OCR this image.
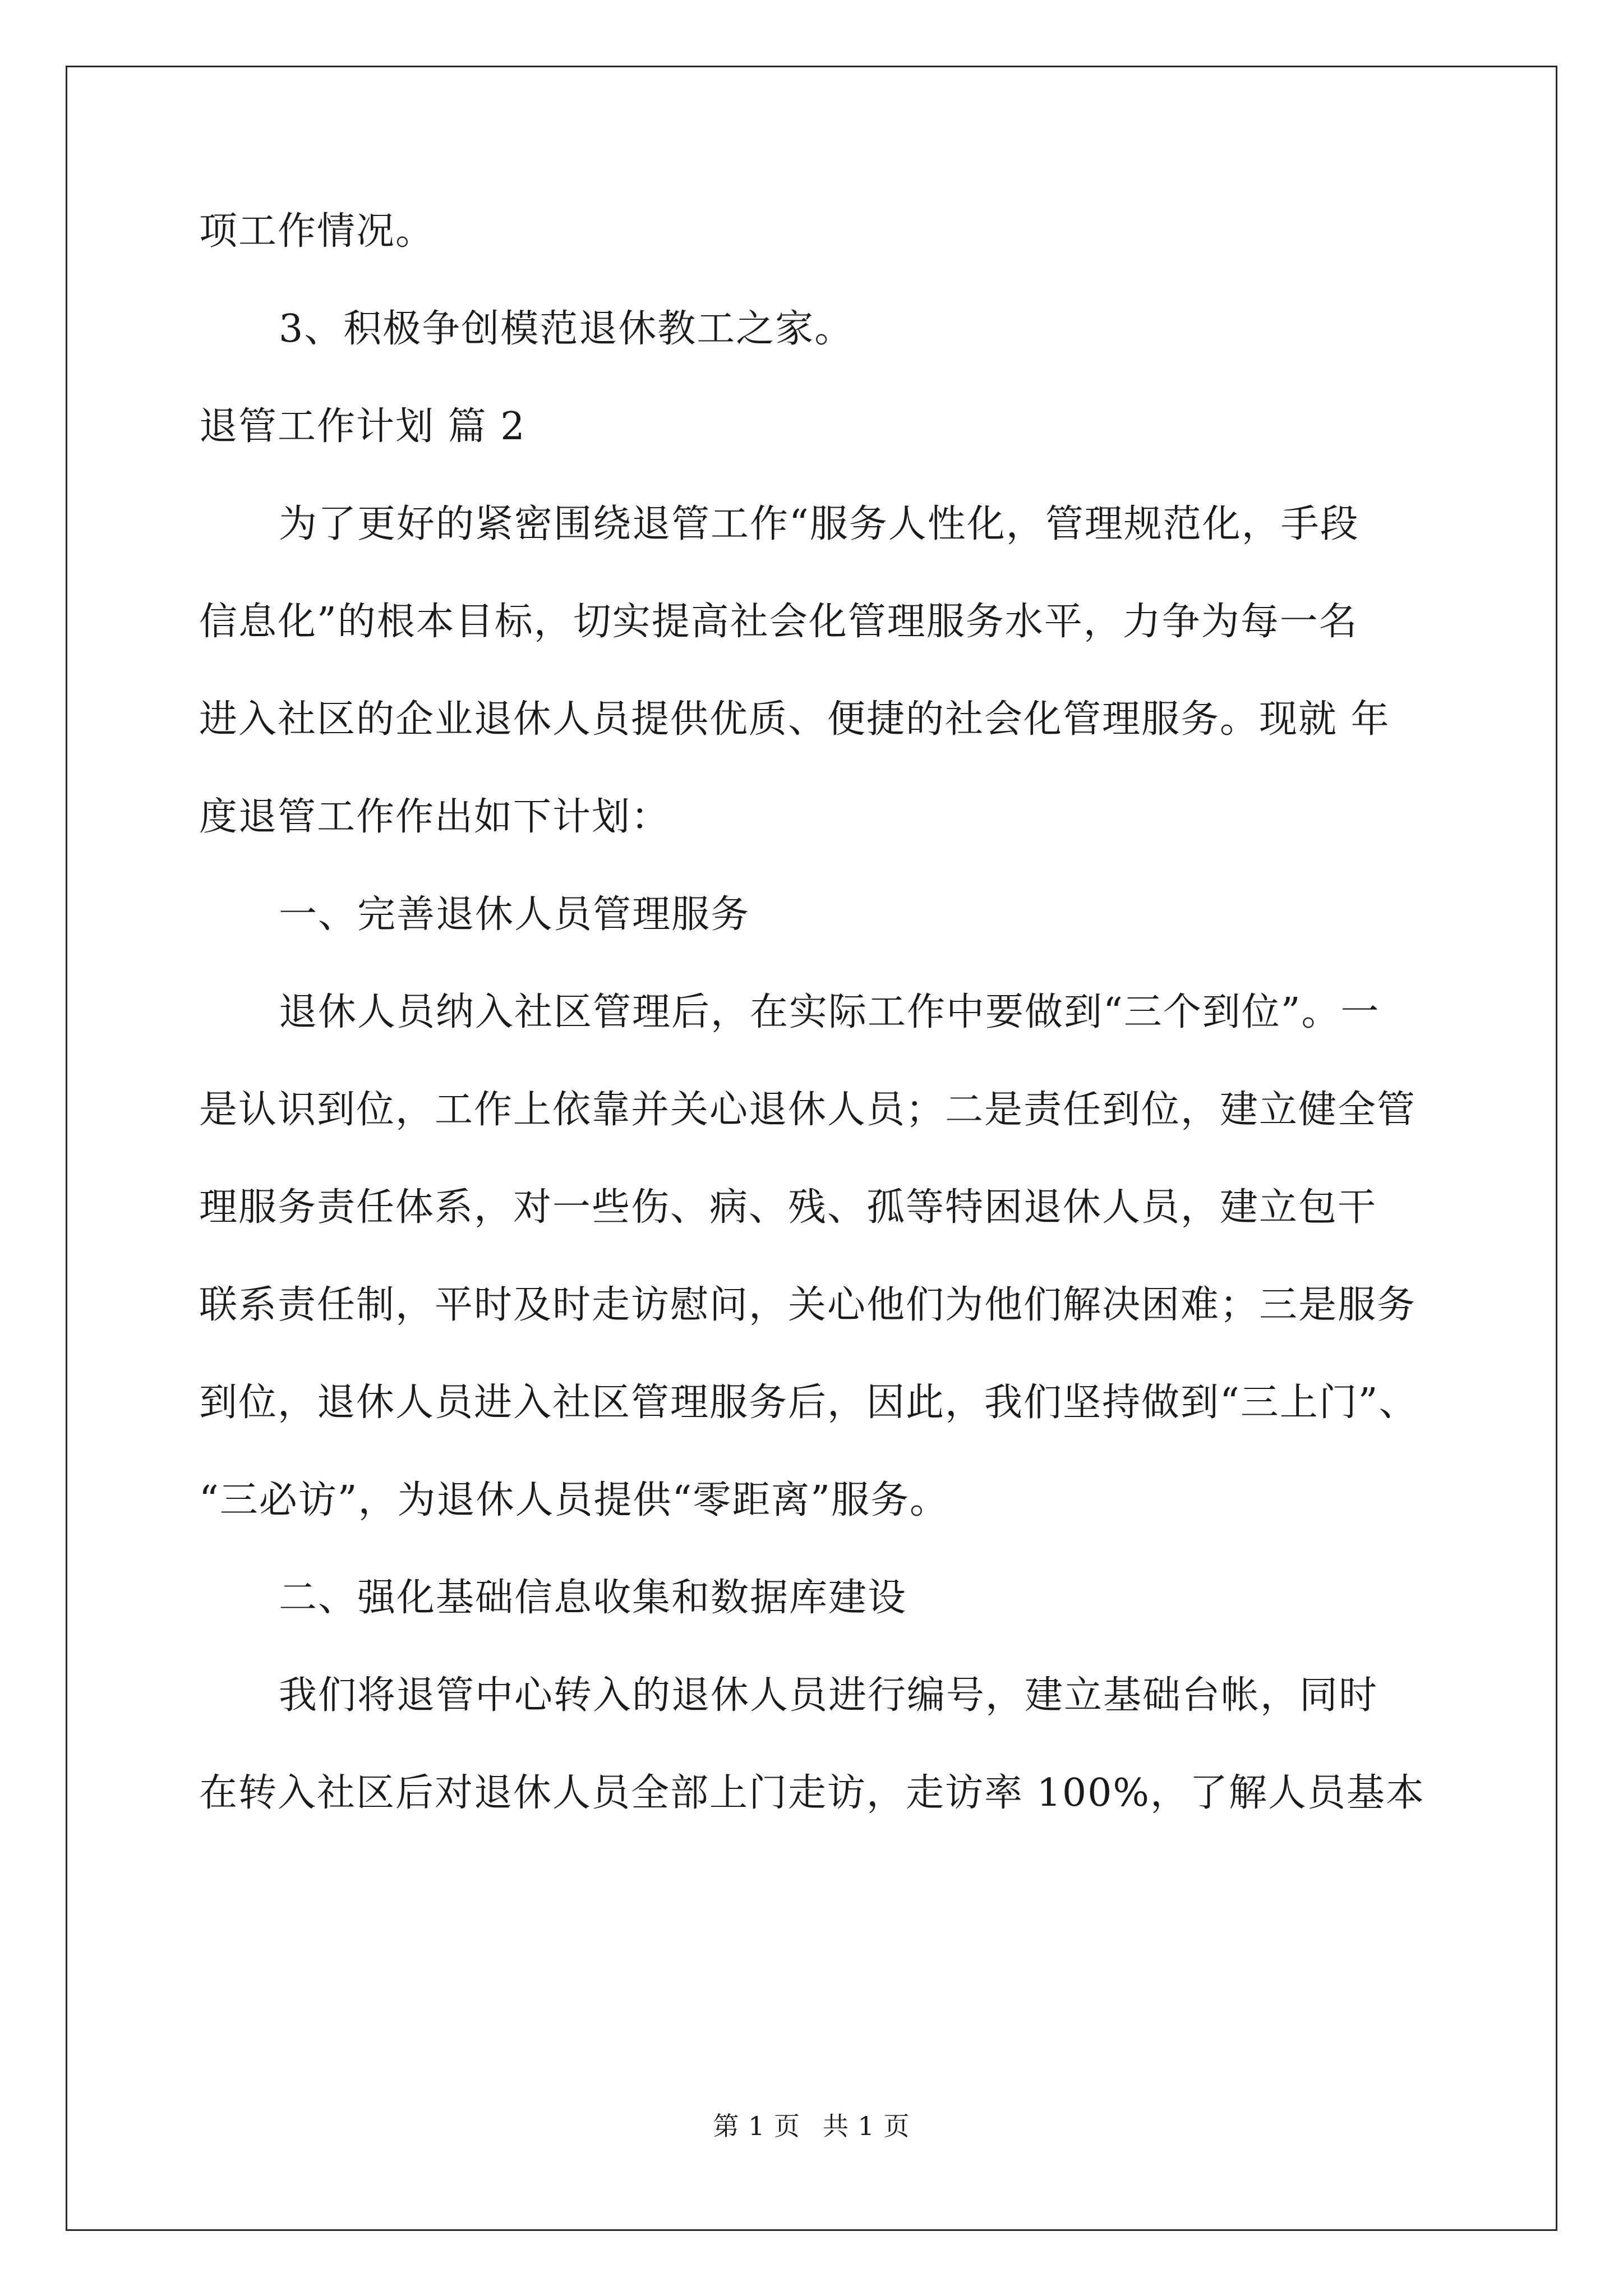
项工作情况。
3、积极争创模范退休教工之家。
退管工作计划 篇 2
为了更好的紧密围绕退管工作“服务人性化，管理规范化，手段
信息化”的根本目标，切实提高社会化管理服务水平，力争为每一名
进入社区的企业退休人员提供优质、便捷的社会化管理服务。现就 年
度退管工作作出如下计划：
一、完善退休人员管理服务
退休人员纳入社区管理后，在实际工作中要做到“三个到位”。一
是认识到位，工作上依靠并关心退休人员；二是责任到位，建立健全管
理服务责任体系，对一些伤、病、残、孤等特困退休人员，建立包干
联系责任制，平时及时走访慰问，关心他们为他们解决困难；三是服务
到位，退休人员进入社区管理服务后，因此，我们坚持做到“三上门”、
“三必访”，为退休人员提供“零距离”服务。
二、强化基础信息收集和数据库建设
我们将退管中心转入的退休人员进行编号，建立基础台帐，同时
在转入社区后对退休人员全部上门走访，走访率 100%，了解人员基本
第 1 页 共 1 页
